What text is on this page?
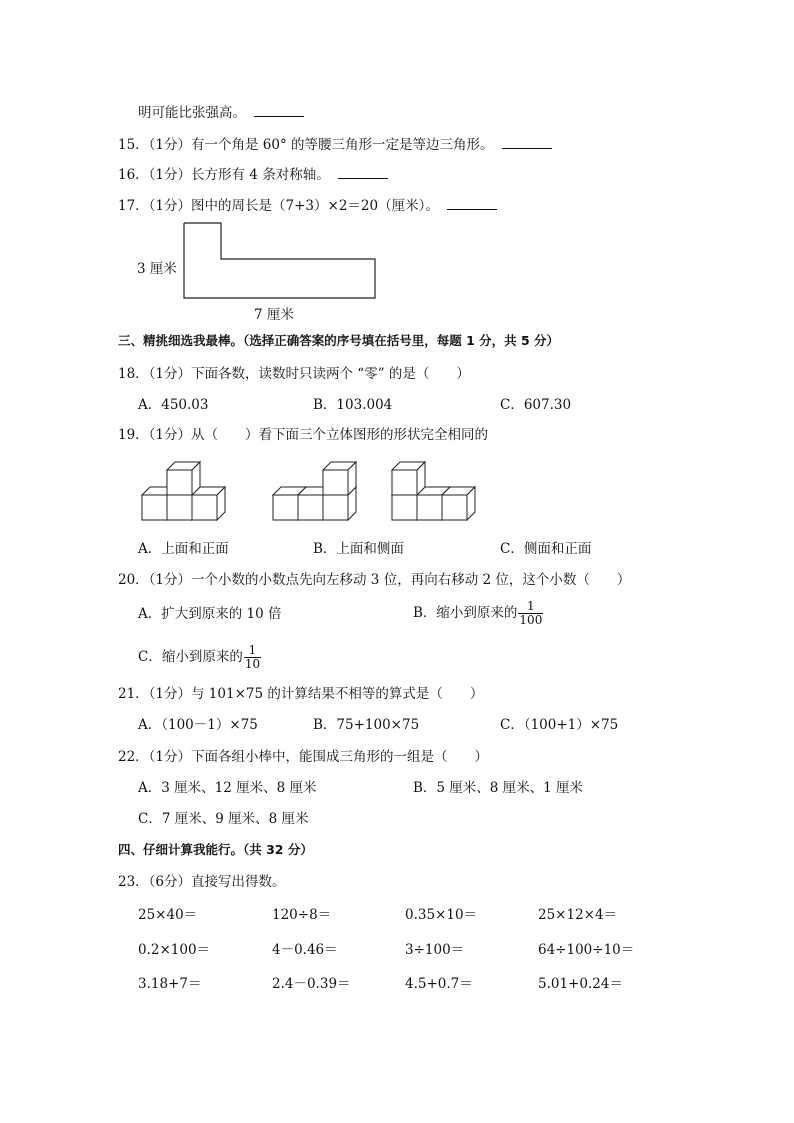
明可能比张强高。
15．（1分）有一个角是 60° 的等腰三角形一定是等边三角形。
16．（1分）长方形有 4 条对称轴。
17．（1分）图中的周长是（7+3）×2＝20（厘米）。
3 厘米
7 厘米
三、精挑细选我最棒。（选择正确答案的序号填在括号里，每题 1 分，共 5 分）
18．（1分）下面各数，读数时只读两个 “零” 的是（　　）
A．450.03	B．103.004	C．607.30
19．（1分）从（　　）看下面三个立体图形的形状完全相同的
A．上面和正面	B．上面和侧面	C．侧面和正面
20．（1分）一个小数的小数点先向左移动 3 位，再向右移动 2 位，这个小数（　　）
A．扩大到原来的 10 倍	B．缩小到原来的 $\frac{1}{100}$
C．缩小到原来的 $\frac{1}{10}$
21．（1分）与 101×75 的计算结果不相等的算式是（　　）
A．（100－1）×75	B．75+100×75	C．（100+1）×75
22．（1分）下面各组小棒中，能围成三角形的一组是（　　）
A．3 厘米、12 厘米、8 厘米	B．5 厘米、8 厘米、1 厘米
C．7 厘米、9 厘米、8 厘米
四、仔细计算我能行。（共 32 分）
23．（6分）直接写出得数。
25×40＝	120÷8＝	0.35×10＝	25×12×4＝
0.2×100＝	4－0.46＝	3÷100＝	64÷100÷10＝
3.18+7＝	2.4－0.39＝	4.5+0.7＝	5.01+0.24＝
